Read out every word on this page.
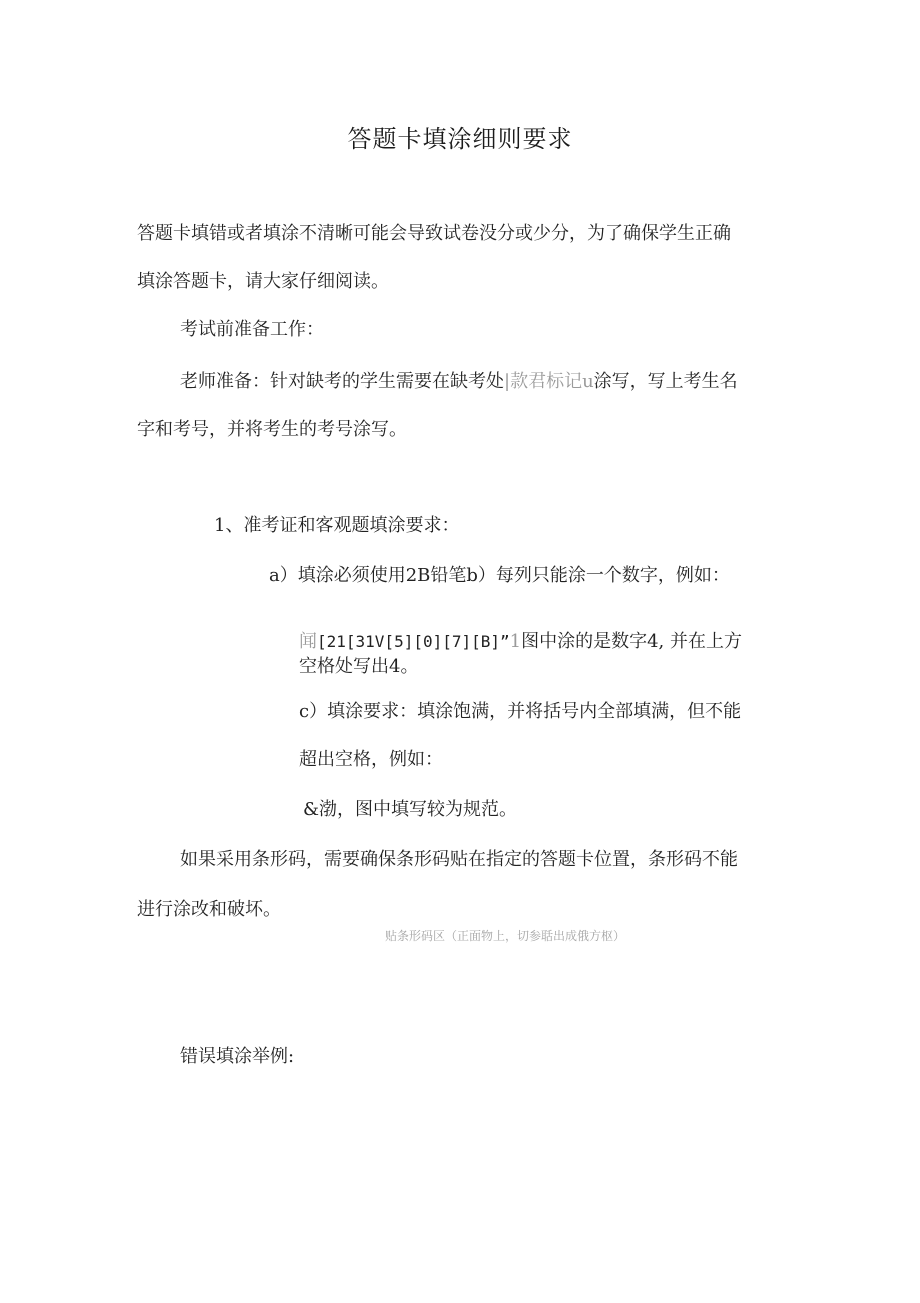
答题卡填涂细则要求
答题卡填错或者填涂不清晰可能会导致试卷没分或少分，为了确保学生正确
填涂答题卡，请大家仔细阅读。
考试前准备工作：
老师准备：针对缺考的学生需要在缺考处|款君标记u涂写，写上考生名
字和考号，并将考生的考号涂写。
1、准考证和客观题填涂要求：
a）填涂必须使用2B铅笔b）每列只能涂一个数字，例如：
闻[21[31V[5][0][7][B]”1图中涂的是数字4, 并在上方
空格处写出4。
c）填涂要求：填涂饱满，并将括号内全部填满，但不能
超出空格，例如：
&渤，图中填写较为规范。
如果采用条形码，需要确保条形码贴在指定的答题卡位置，条形码不能
进行涂改和破坏。
贴条形码区（正面物上，切参聒出成俄方枢）
错误填涂举例:
